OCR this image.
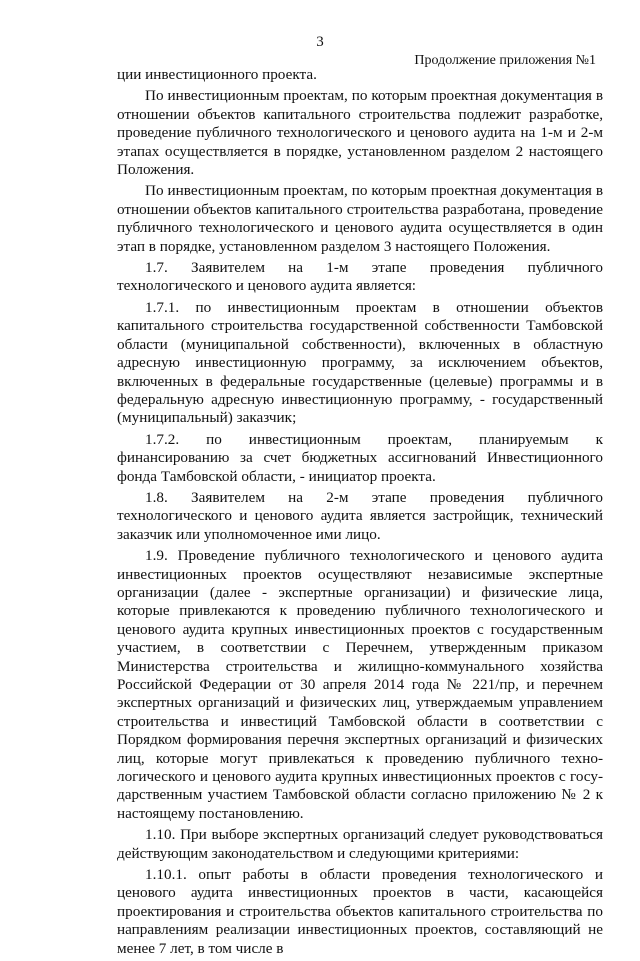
3
Продолжение приложения №1

ции инвестиционного проекта.

По инвестиционным проектам, по которым проектная документация в отношении объектов капитального строительства подлежит разработке, проведение публичного технологического и ценового аудита на 1-м и 2-м этапах осуществляется в порядке, установленном разделом 2 настоящего Положения.

По инвестиционным проектам, по которым проектная документация в отношении объектов капитального строительства разработана, проведение публичного технологического и ценового аудита осуществляется в один этап в порядке, установленном разделом 3 настоящего Положения.

1.7. Заявителем на 1-м этапе проведения публичного технологического и ценового аудита является:

1.7.1. по инвестиционным проектам в отношении объектов капитального строительства государственной собственности Тамбовской области (муниципальной собственности), включенных в областную адресную инвестиционную программу, за исключением объектов, включенных в федеральные государственные (целевые) программы и в федеральную адресную инвестиционную программу, - государственный (муниципальный) заказчик;

1.7.2. по инвестиционным проектам, планируемым к финансированию за счет бюджетных ассигнований Инвестиционного фонда Тамбовской области, - инициатор проекта.

1.8. Заявителем на 2-м этапе проведения публичного технологического и ценового аудита является застройщик, технический заказчик или уполномоченное ими лицо.

1.9. Проведение публичного технологического и ценового аудита инвестиционных проектов осуществляют независимые экспертные организации (далее - экспертные организации) и физические лица, которые привлекаются к проведению публичного технологического и ценового аудита крупных инвестиционных проектов с государственным участием, в соответствии с Перечнем, утвержденным приказом Министерства строительства и жилищно-коммунального хозяйства Российской Федерации от 30 апреля 2014 года № 221/пр, и перечнем экспертных организаций и физических лиц, утверждаемым управлением строительства и инвестиций Тамбовской области в соответствии с Порядком формирования перечня экспертных организаций и физических лиц, которые могут привлекаться к проведению публичного технологического и ценового аудита крупных инвестиционных проектов с государственным участием Тамбовской области согласно приложению № 2 к настоящему постановлению.

1.10. При выборе экспертных организаций следует руководствоваться действующим законодательством и следующими критериями:

1.10.1. опыт работы в области проведения технологического и ценового аудита инвестиционных проектов в части, касающейся проектирования и строительства объектов капитального строительства по направлениям реализации инвестиционных проектов, составляющий не менее 7 лет, в том числе в
